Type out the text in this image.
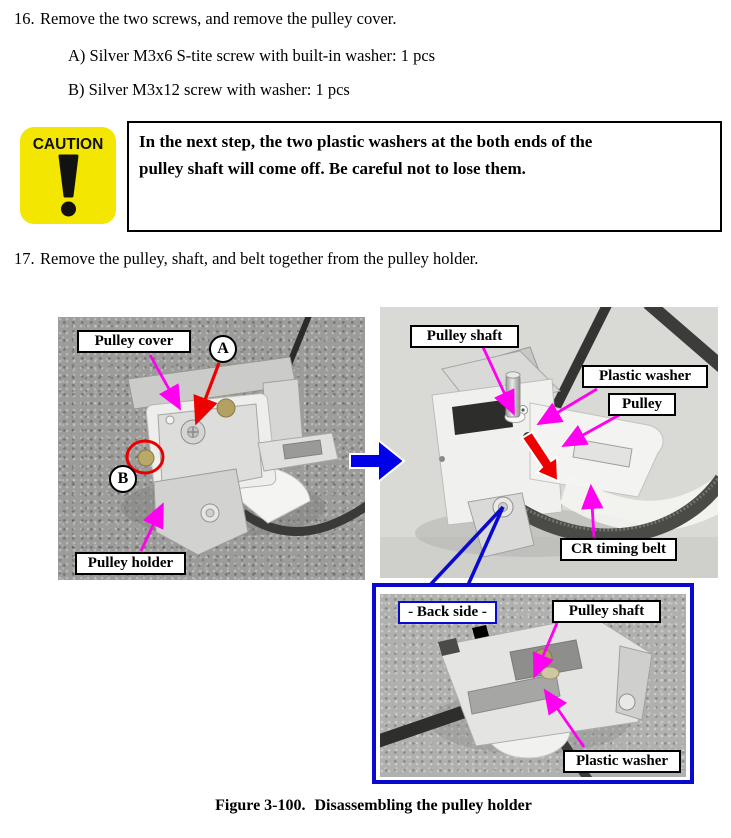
16. Remove the two screws, and remove the pulley cover.
A) Silver M3x6 S-tite screw with built-in washer: 1 pcs
B) Silver M3x12 screw with washer: 1 pcs
CAUTION	In the next step, the two plastic washers at the both ends of the
pulley shaft will come off. Be careful not to lose them.
17. Remove the pulley, shaft, and belt together from the pulley holder.
Pulley cover	A
B
Pulley holder
Pulley shaft
Plastic washer
Pulley
CR timing belt
- Back side -	Pulley shaft
Plastic washer
Figure 3-100. Disassembling the pulley holder
